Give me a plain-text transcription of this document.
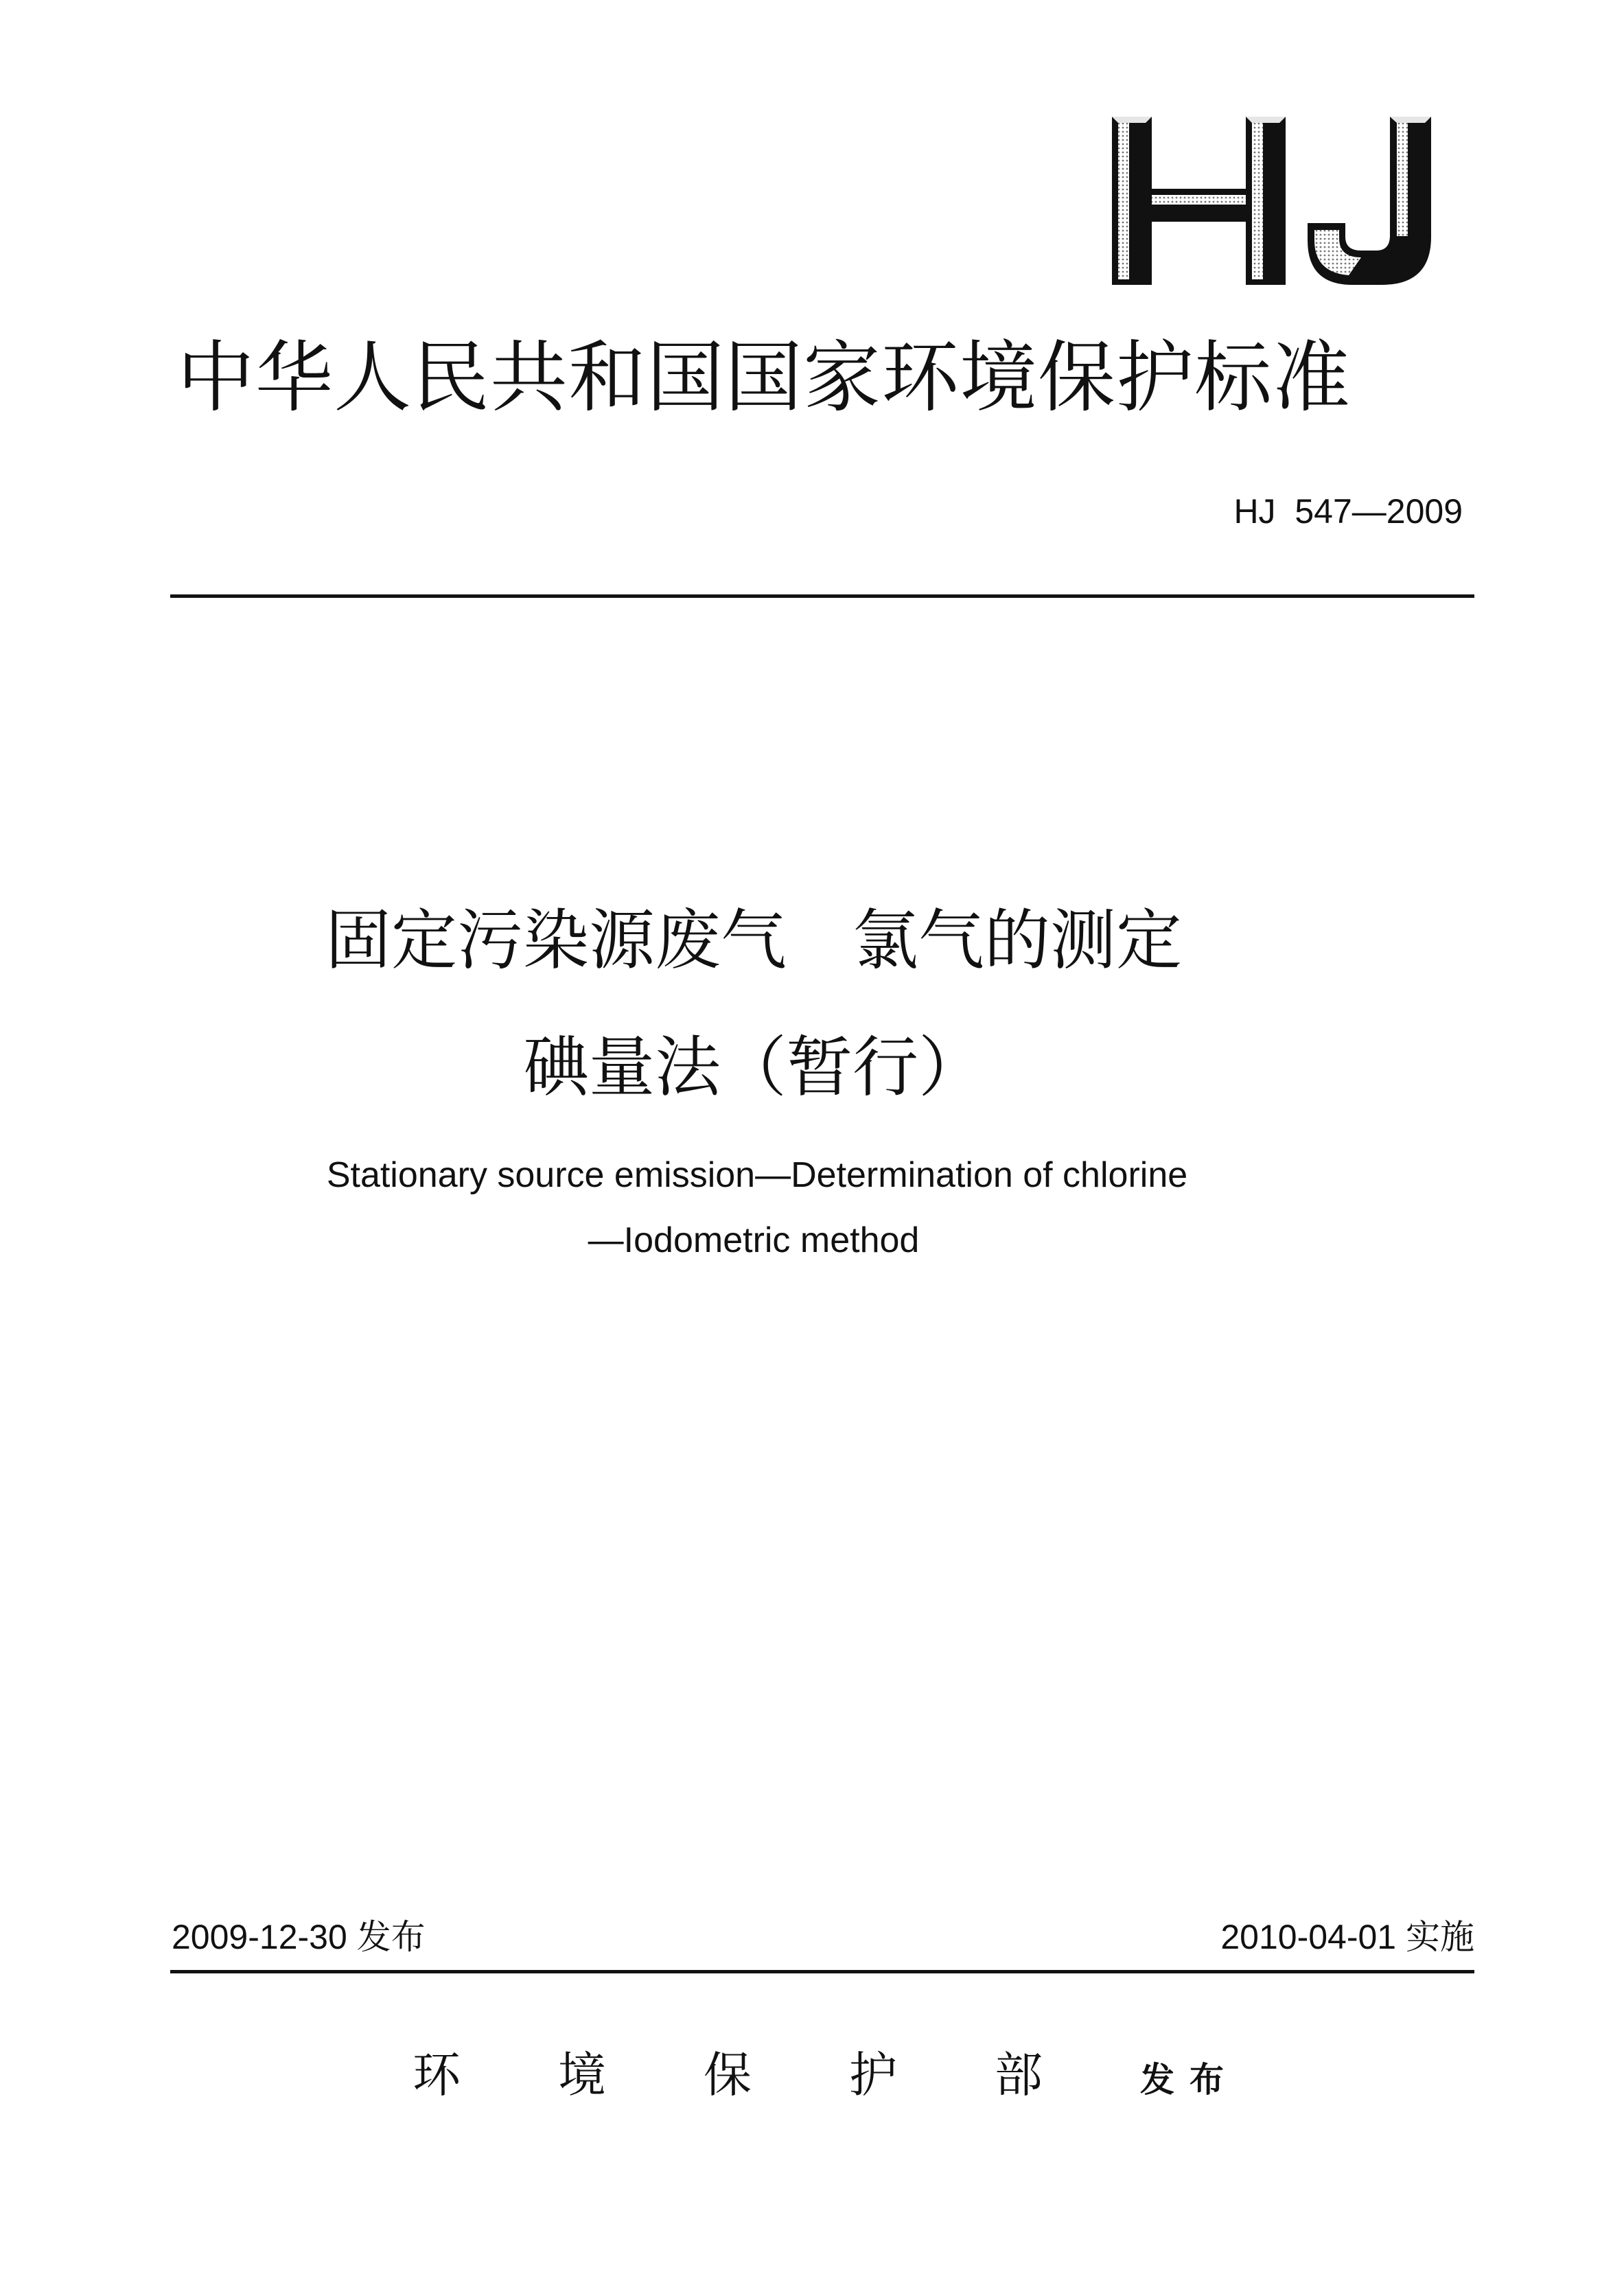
中华人民共和国国家环境保护标准
HJ  547—2009
固定污染源废气　氯气的测定
碘量法（暂行）
Stationary source emission—Determination of chlorine
—Iodometric method
2009-12-30 发布	2010-04-01 实施
环境保护部发布
